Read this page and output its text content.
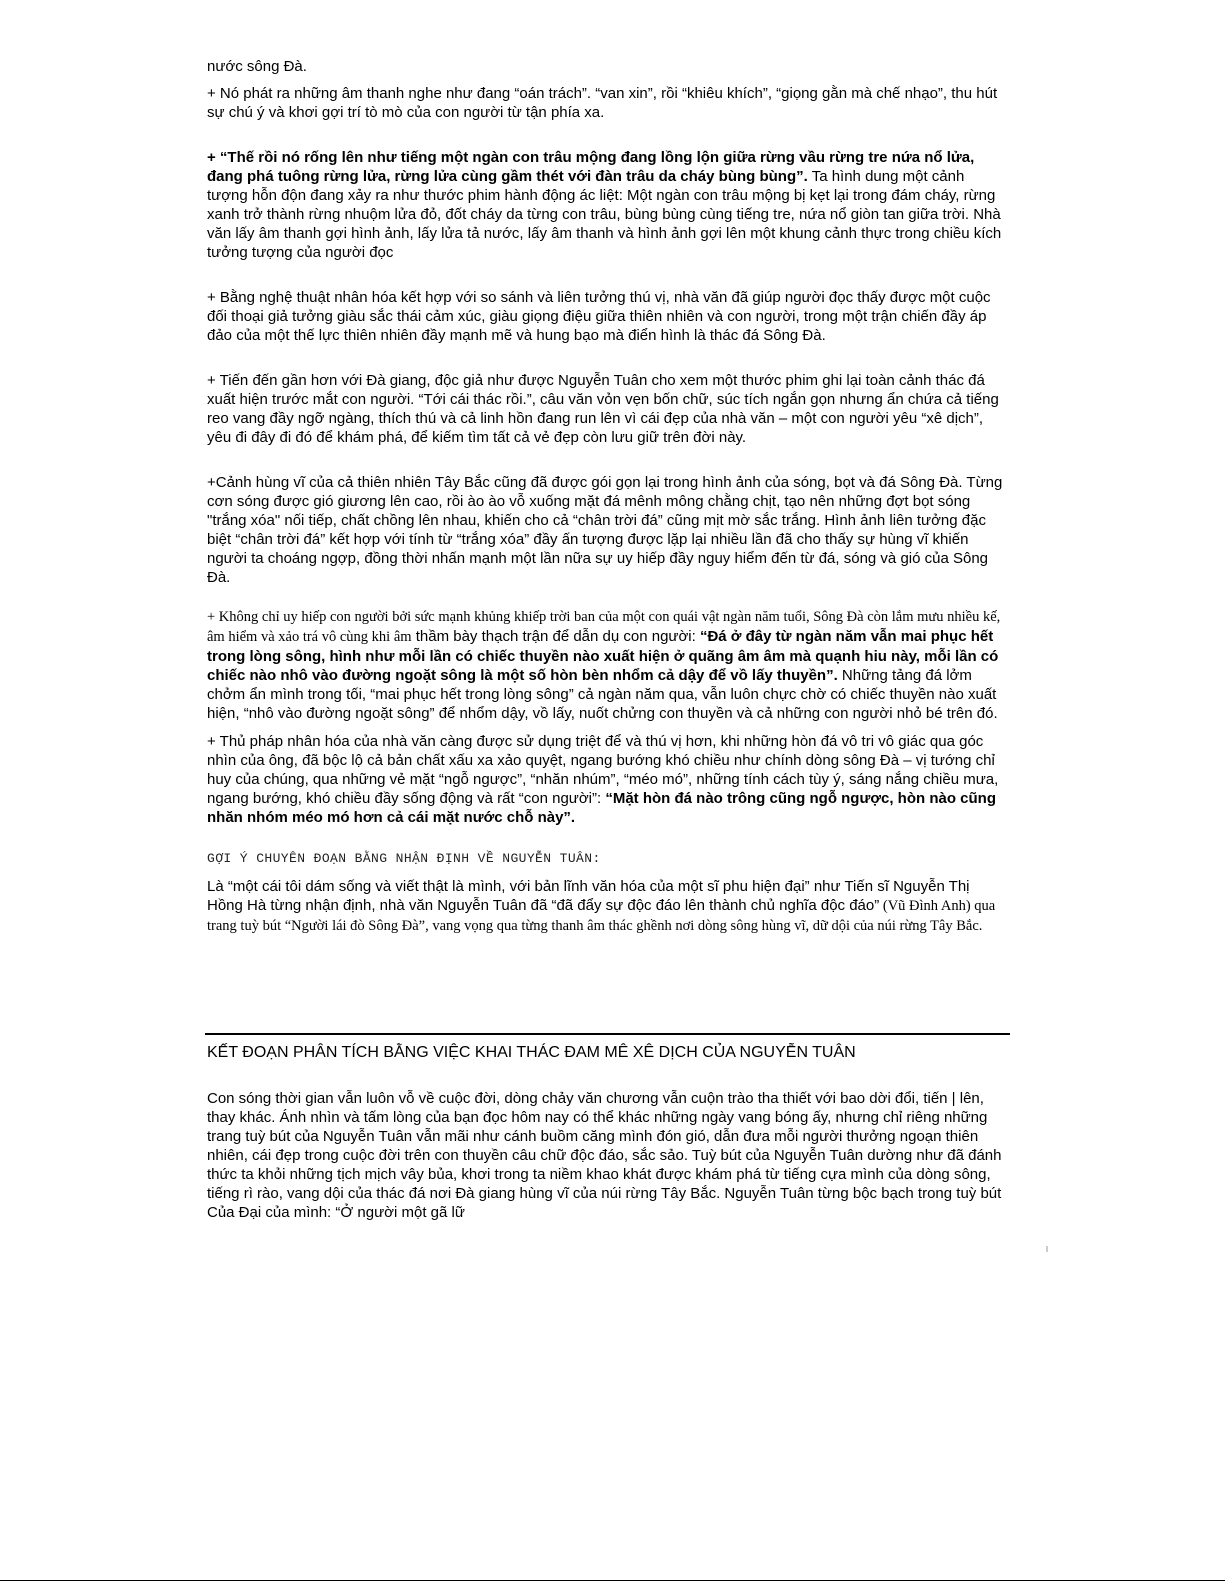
nước sông Đà.

+ Nó phát ra những âm thanh nghe như đang “oán trách”. “van xin”, rồi “khiêu khích”, “giọng gằn mà chế nhạo”, thu hút sự chú ý và khơi gợi trí tò mò của con người từ tận phía xa.

+ “Thế rồi nó rống lên như tiếng một ngàn con trâu mộng đang lồng lộn giữa rừng vầu rừng tre nứa nổ lửa, đang phá tuông rừng lửa, rừng lửa cùng gầm thét với đàn trâu da cháy bùng bùng”. Ta hình dung một cảnh tượng hỗn độn đang xảy ra như thước phim hành động ác liệt: Một ngàn con trâu mộng bị kẹt lại trong đám cháy, rừng xanh trở thành rừng nhuộm lửa đỏ, đốt cháy da từng con trâu, bùng bùng cùng tiếng tre, nứa nổ giòn tan giữa trời. Nhà văn lấy âm thanh gợi hình ảnh, lấy lửa tả nước, lấy âm thanh và hình ảnh gợi lên một khung cảnh thực trong chiều kích tưởng tượng của người đọc

+ Bằng nghệ thuật nhân hóa kết hợp với so sánh và liên tưởng thú vị, nhà văn đã giúp người đọc thấy được một cuộc đối thoại giả tưởng giàu sắc thái cảm xúc, giàu giọng điệu giữa thiên nhiên và con người, trong một trận chiến đầy áp đảo của một thế lực thiên nhiên đầy mạnh mẽ và hung bạo mà điển hình là thác đá Sông Đà.

+ Tiến đến gần hơn với Đà giang, độc giả như được Nguyễn Tuân cho xem một thước phim ghi lại toàn cảnh thác đá xuất hiện trước mắt con người. “Tới cái thác rồi.”, câu văn vỏn vẹn bốn chữ, súc tích ngắn gọn nhưng ẩn chứa cả tiếng reo vang đầy ngỡ ngàng, thích thú và cả linh hồn đang run lên vì cái đẹp của nhà văn – một con người yêu “xê dịch”, yêu đi đây đi đó để khám phá, để kiếm tìm tất cả vẻ đẹp còn lưu giữ trên đời này.

+Cảnh hùng vĩ của cả thiên nhiên Tây Bắc cũng đã được gói gọn lại trong hình ảnh của sóng, bọt và đá Sông Đà. Từng cơn sóng được gió giương lên cao, rồi ào ào vỗ xuống mặt đá mênh mông chằng chịt, tạo nên những đợt bọt sóng "trắng xóa" nối tiếp, chất chồng lên nhau, khiến cho cả “chân trời đá” cũng mịt mờ sắc trắng. Hình ảnh liên tưởng đặc biệt “chân trời đá” kết hợp với tính từ “trắng xóa” đầy ấn tượng được lặp lại nhiều lần đã cho thấy sự hùng vĩ khiến người ta choáng ngợp, đồng thời nhấn mạnh một lần nữa sự uy hiếp đầy nguy hiểm đến từ đá, sóng và gió của Sông Đà.

+ Không chỉ uy hiếp con người bởi sức mạnh khủng khiếp trời ban của một con quái vật ngàn năm tuổi, Sông Đà còn lắm mưu nhiều kế, âm hiểm và xảo trá vô cùng khi âm thầm bày thạch trận để dẫn dụ con người: “Đá ở đây từ ngàn năm vẫn mai phục hết trong lòng sông, hình như mỗi lần có chiếc thuyền nào xuất hiện ở quãng âm âm mà quạnh hiu này, mỗi lần có chiếc nào nhô vào đường ngoặt sông là một số hòn bèn nhổm cả dậy để vồ lấy thuyền”. Những tảng đá lởm chởm ẩn mình trong tối, “mai phục hết trong lòng sông” cả ngàn năm qua, vẫn luôn chực chờ có chiếc thuyền nào xuất hiện, “nhô vào đường ngoặt sông” để nhổm dậy, vồ lấy, nuốt chửng con thuyền và cả những con người nhỏ bé trên đó.

+ Thủ pháp nhân hóa của nhà văn càng được sử dụng triệt để và thú vị hơn, khi những hòn đá vô tri vô giác qua góc nhìn của ông, đã bộc lộ cả bản chất xấu xa xảo quyệt, ngang bướng khó chiều như chính dòng sông Đà – vị tướng chỉ huy của chúng, qua những vẻ mặt “ngỗ ngược”, “nhăn nhúm”, “méo mó”, những tính cách tùy ý, sáng nắng chiều mưa, ngang bướng, khó chiều đầy sống động và rất “con người”: “Mặt hòn đá nào trông cũng ngỗ ngược, hòn nào cũng nhăn nhóm méo mó hơn cả cái mặt nước chỗ này”.

GỢI Ý CHUYÊN ĐOẠN BẰNG NHẬN ĐỊNH VỀ NGUYỄN TUÂN:

Là “một cái tôi dám sống và viết thật là mình, với bản lĩnh văn hóa của một sĩ phu hiện đại” như Tiến sĩ Nguyễn Thị Hồng Hà từng nhận định, nhà văn Nguyễn Tuân đã “đã đẩy sự độc đáo lên thành chủ nghĩa độc đáo” (Vũ Đình Anh) qua trang tuỳ bút “Người lái đò Sông Đà”, vang vọng qua từng thanh âm thác ghềnh nơi dòng sông hùng vĩ, dữ dội của núi rừng Tây Bắc.

KẾT ĐOẠN PHÂN TÍCH BẰNG VIỆC KHAI THÁC ĐAM MÊ XÊ DỊCH CỦA NGUYỄN TUÂN

Con sóng thời gian vẫn luôn vỗ về cuộc đời, dòng chảy văn chương vẫn cuộn trào tha thiết với bao dời đổi, tiến | lên, thay khác. Ánh nhìn và tấm lòng của bạn đọc hôm nay có thể khác những ngày vang bóng ấy, nhưng chỉ riêng những trang tuỳ bút của Nguyễn Tuân vẫn mãi như cánh buồm căng mình đón gió, dẫn đưa mỗi người thưởng ngoạn thiên nhiên, cái đẹp trong cuộc đời trên con thuyền câu chữ độc đáo, sắc sảo. Tuỳ bút của Nguyễn Tuân dường như đã đánh thức ta khỏi những tịch mịch vây bủa, khơi trong ta niềm khao khát được khám phá từ tiếng cựa mình của dòng sông, tiếng rì rào, vang dội của thác đá nơi Đà giang hùng vĩ của núi rừng Tây Bắc. Nguyễn Tuân từng bộc bạch trong tuỳ bút Của Đại của mình: “Ở người một gã lữ
